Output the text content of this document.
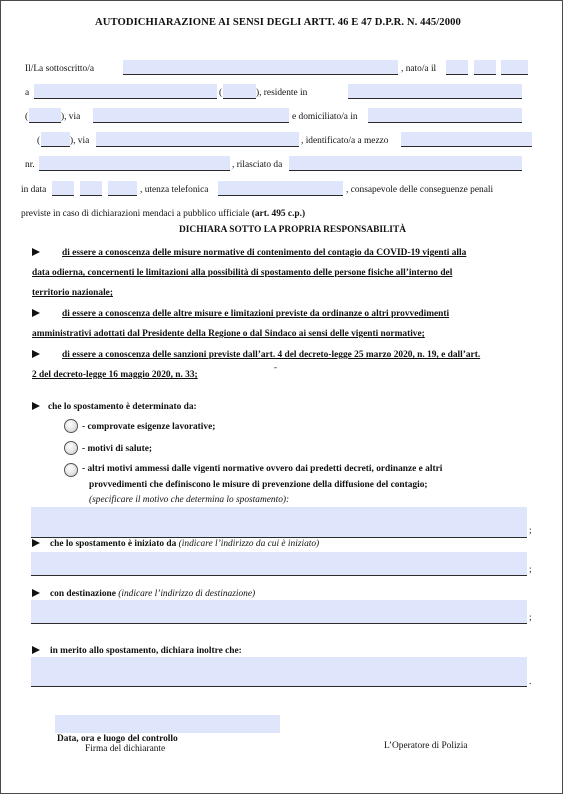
AUTODICHIARAZIONE AI SENSI DEGLI ARTT. 46 E 47 D.P.R. N. 445/2000
Il/La sottoscritto/a	, nato/a il
a	(	), residente in
(	), via	e domiciliato/a in
(	), via	, identificato/a a mezzo
nr.	, rilasciato da
in data	, utenza telefonica	, consapevole delle conseguenze penali
previste in caso di dichiarazioni mendaci a pubblico ufficiale (art. 495 c.p.)
DICHIARA SOTTO LA PROPRIA RESPONSABILITÀ
di essere a conoscenza delle misure normative di contenimento del contagio da COVID-19 vigenti alla
data odierna, concernenti le limitazioni alla possibilità di spostamento delle persone fisiche all’interno del
territorio nazionale;
di essere a conoscenza delle altre misure e limitazioni previste da ordinanze o altri provvedimenti
amministrativi adottati dal Presidente della Regione o dal Sindaco ai sensi delle vigenti normative;
di essere a conoscenza delle sanzioni previste dall’art. 4 del decreto-legge 25 marzo 2020, n. 19, e dall’art.
2 del decreto-legge 16 maggio 2020, n. 33;
-
che lo spostamento è determinato da:
- comprovate esigenze lavorative;
- motivi di salute;
- altri motivi ammessi dalle vigenti normative ovvero dai predetti decreti, ordinanze e altri
provvedimenti che definiscono le misure di prevenzione della diffusione del contagio;
(specificare il motivo che determina lo spostamento):
;
che lo spostamento è iniziato da (indicare l’indirizzo da cui è iniziato)
;
con destinazione (indicare l’indirizzo di destinazione)
;
in merito allo spostamento, dichiara inoltre che:
.
Data, ora e luogo del controllo
Firma del dichiarante	L’Operatore di Polizia
